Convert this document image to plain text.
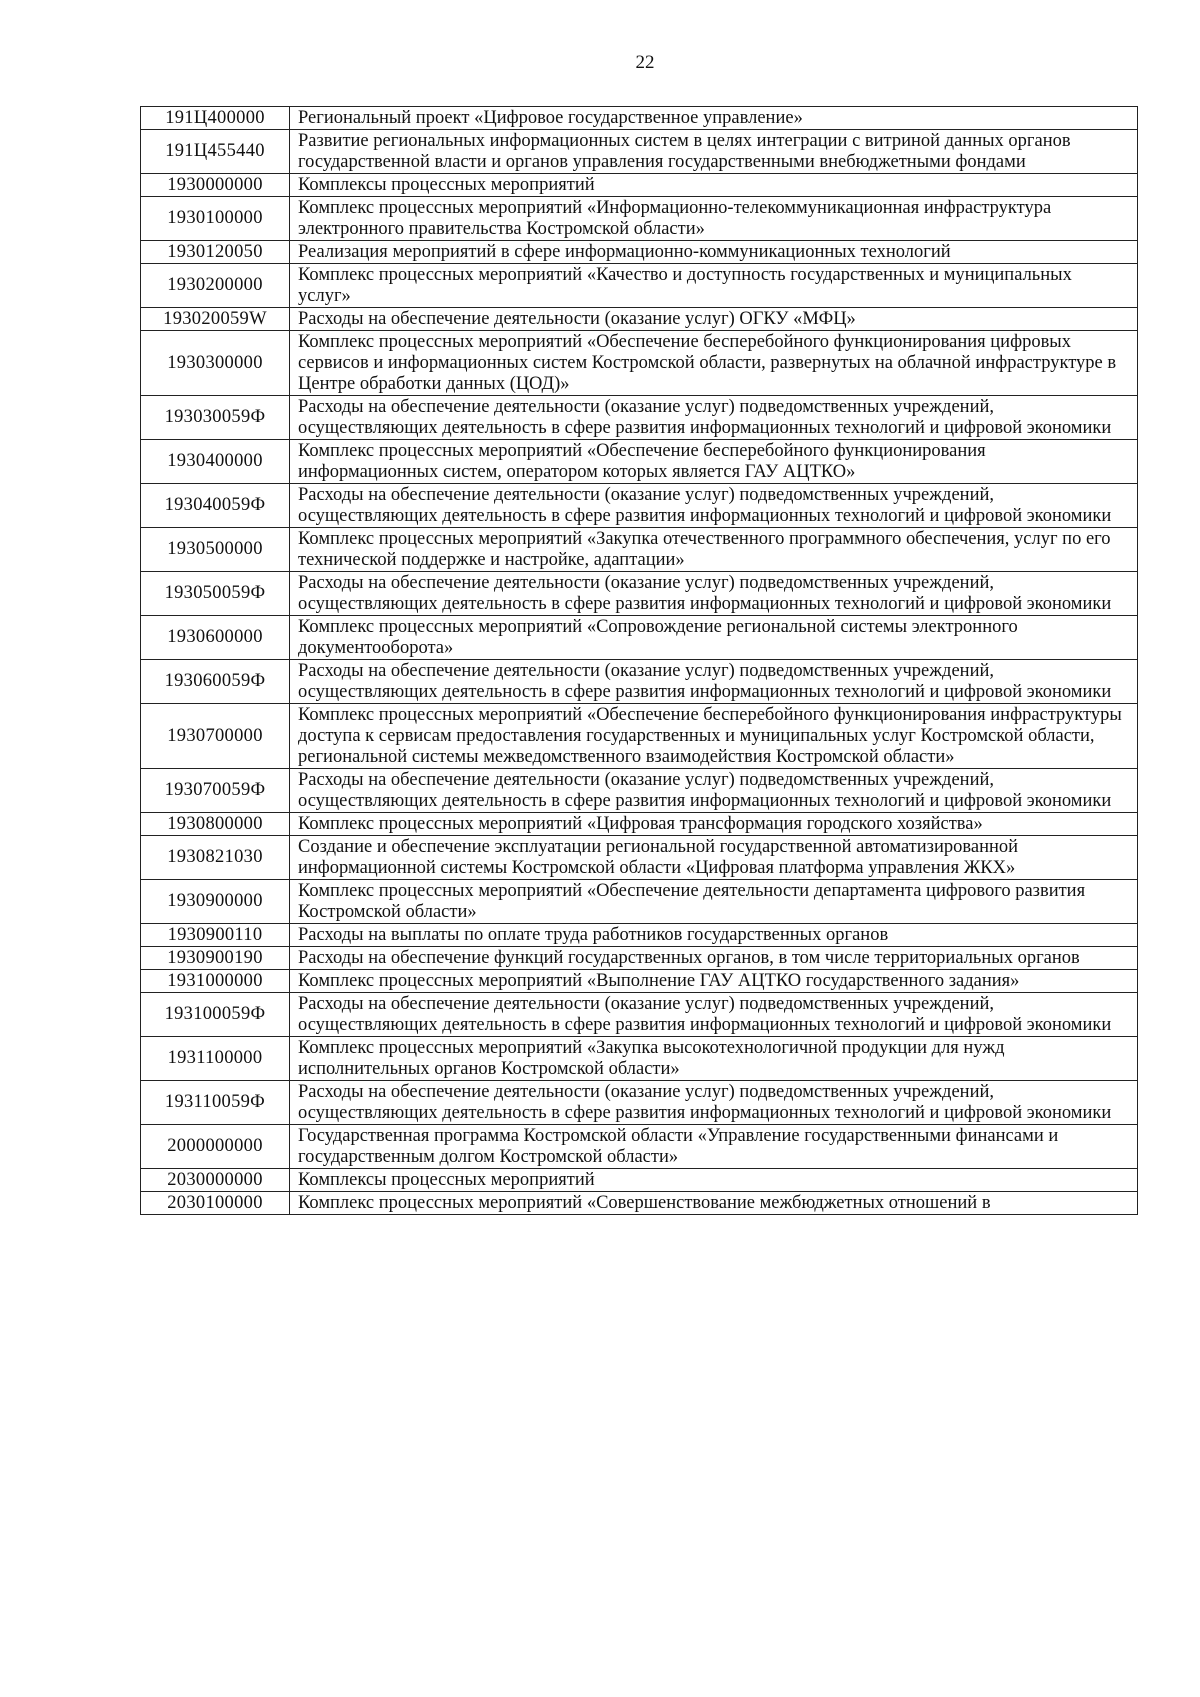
22
191Ц400000	Региональный проект «Цифровое государственное управление»
191Ц455440	Развитие региональных информационных систем в целях интеграции с витриной данных органов государственной власти и органов управления государственными внебюджетными фондами
1930000000	Комплексы процессных мероприятий
1930100000	Комплекс процессных мероприятий «Информационно-телекоммуникационная инфраструктура электронного правительства Костромской области»
1930120050	Реализация мероприятий в сфере информационно-коммуникационных технологий
1930200000	Комплекс процессных мероприятий «Качество и доступность государственных и муниципальных услуг»
193020059W	Расходы на обеспечение деятельности (оказание услуг) ОГКУ «МФЦ»
1930300000	Комплекс процессных мероприятий «Обеспечение бесперебойного функционирования цифровых сервисов и информационных систем Костромской области, развернутых на облачной инфраструктуре в Центре обработки данных (ЦОД)»
193030059Ф	Расходы на обеспечение деятельности (оказание услуг) подведомственных учреждений, осуществляющих деятельность в сфере развития информационных технологий и цифровой экономики
1930400000	Комплекс процессных мероприятий «Обеспечение бесперебойного функционирования информационных систем, оператором которых является ГАУ АЦТКО»
193040059Ф	Расходы на обеспечение деятельности (оказание услуг) подведомственных учреждений, осуществляющих деятельность в сфере развития информационных технологий и цифровой экономики
1930500000	Комплекс процессных мероприятий «Закупка отечественного программного обеспечения, услуг по его технической поддержке и настройке, адаптации»
193050059Ф	Расходы на обеспечение деятельности (оказание услуг) подведомственных учреждений, осуществляющих деятельность в сфере развития информационных технологий и цифровой экономики
1930600000	Комплекс процессных мероприятий «Сопровождение региональной системы электронного документооборота»
193060059Ф	Расходы на обеспечение деятельности (оказание услуг) подведомственных учреждений, осуществляющих деятельность в сфере развития информационных технологий и цифровой экономики
1930700000	Комплекс процессных мероприятий «Обеспечение бесперебойного функционирования инфраструктуры доступа к сервисам предоставления государственных и муниципальных услуг Костромской области, региональной системы межведомственного взаимодействия Костромской области»
193070059Ф	Расходы на обеспечение деятельности (оказание услуг) подведомственных учреждений, осуществляющих деятельность в сфере развития информационных технологий и цифровой экономики
1930800000	Комплекс процессных мероприятий «Цифровая трансформация городского хозяйства»
1930821030	Создание и обеспечение эксплуатации региональной государственной автоматизированной информационной системы Костромской области «Цифровая платформа управления ЖКХ»
1930900000	Комплекс процессных мероприятий «Обеспечение деятельности департамента цифрового развития Костромской области»
1930900110	Расходы на выплаты по оплате труда работников государственных органов
1930900190	Расходы на обеспечение функций государственных органов, в том числе территориальных органов
1931000000	Комплекс процессных мероприятий «Выполнение ГАУ АЦТКО государственного задания»
193100059Ф	Расходы на обеспечение деятельности (оказание услуг) подведомственных учреждений, осуществляющих деятельность в сфере развития информационных технологий и цифровой экономики
1931100000	Комплекс процессных мероприятий «Закупка высокотехнологичной продукции для нужд исполнительных органов Костромской области»
193110059Ф	Расходы на обеспечение деятельности (оказание услуг) подведомственных учреждений, осуществляющих деятельность в сфере развития информационных технологий и цифровой экономики
2000000000	Государственная программа Костромской области «Управление государственными финансами и государственным долгом Костромской области»
2030000000	Комплексы процессных мероприятий
2030100000	Комплекс процессных мероприятий «Совершенствование межбюджетных отношений в
